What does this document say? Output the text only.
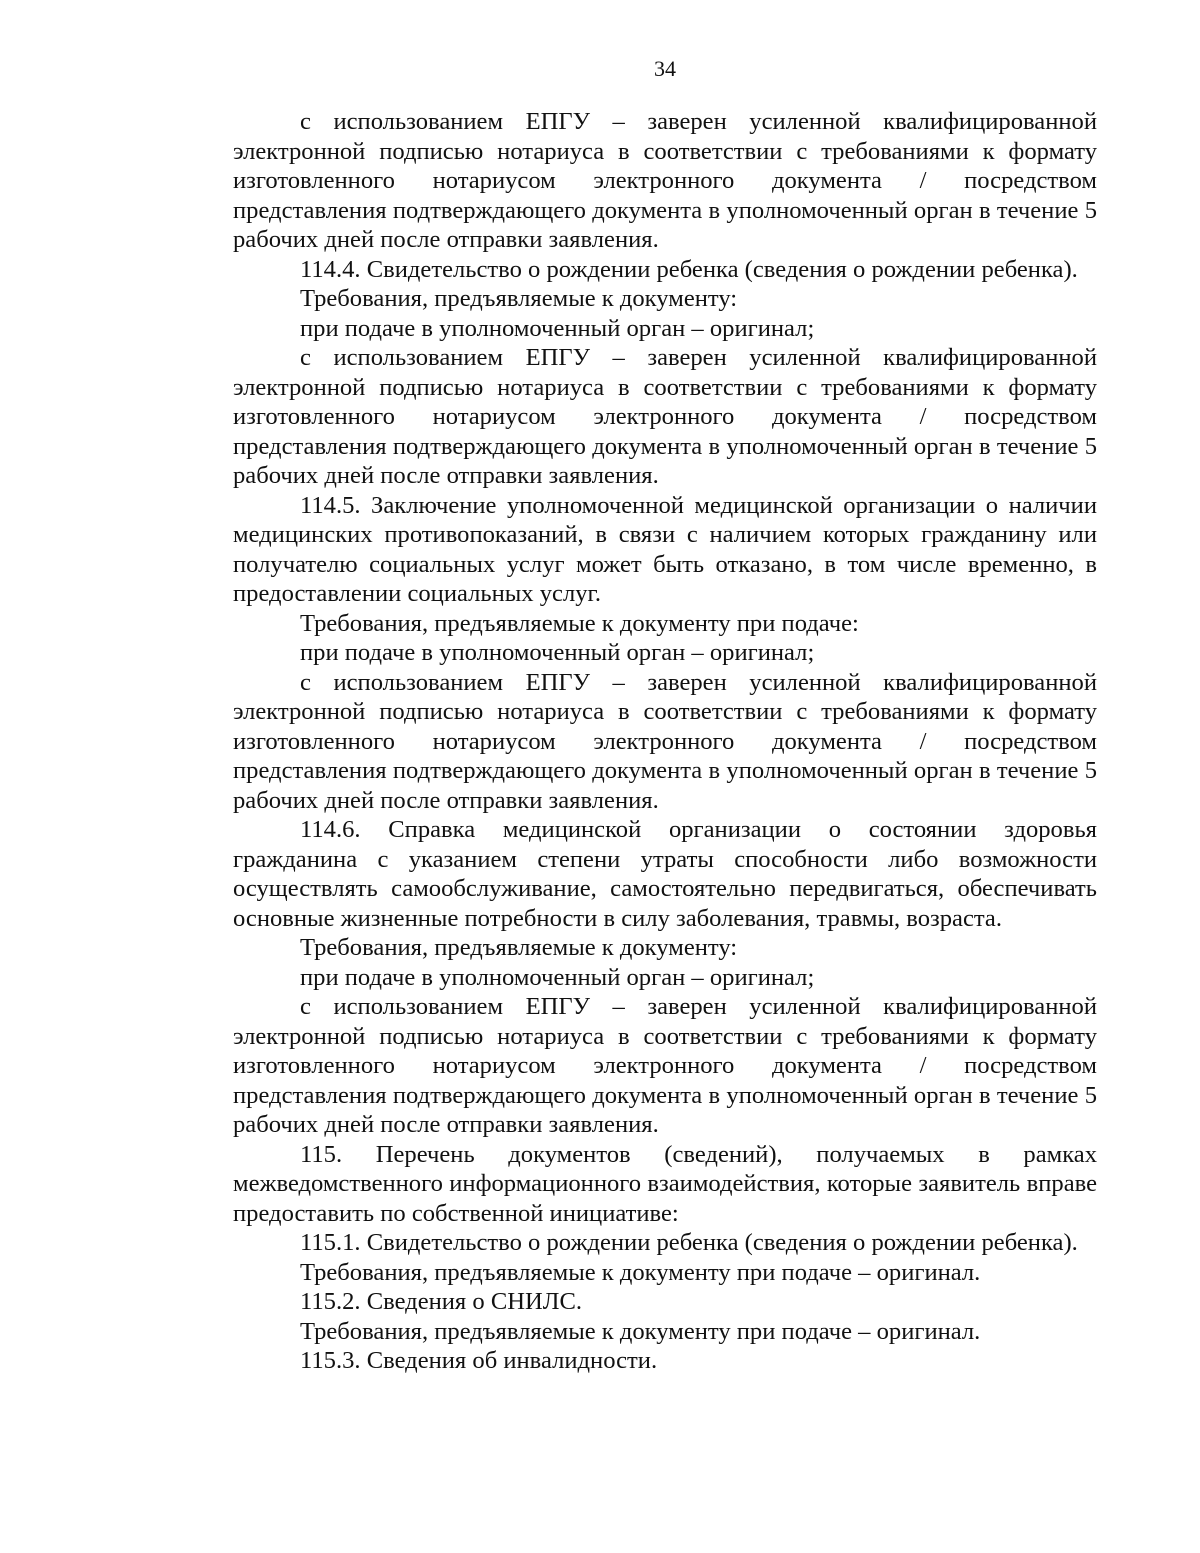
34

с использованием ЕПГУ – заверен усиленной квалифицированной электронной подписью нотариуса в соответствии с требованиями к формату изготовленного нотариусом электронного документа / посредством представления подтверждающего документа в уполномоченный орган в течение 5 рабочих дней после отправки заявления.

114.4. Свидетельство о рождении ребенка (сведения о рождении ребенка).

Требования, предъявляемые к документу:

при подаче в уполномоченный орган – оригинал;

с использованием ЕПГУ – заверен усиленной квалифицированной электронной подписью нотариуса в соответствии с требованиями к формату изготовленного нотариусом электронного документа / посредством представления подтверждающего документа в уполномоченный орган в течение 5 рабочих дней после отправки заявления.

114.5. Заключение уполномоченной медицинской организации о наличии медицинских противопоказаний, в связи с наличием которых гражданину или получателю социальных услуг может быть отказано, в том числе временно, в предоставлении социальных услуг.

Требования, предъявляемые к документу при подаче:

при подаче в уполномоченный орган – оригинал;

с использованием ЕПГУ – заверен усиленной квалифицированной электронной подписью нотариуса в соответствии с требованиями к формату изготовленного нотариусом электронного документа / посредством представления подтверждающего документа в уполномоченный орган в течение 5 рабочих дней после отправки заявления.

114.6. Справка медицинской организации о состоянии здоровья гражданина с указанием степени утраты способности либо возможности осуществлять самообслуживание, самостоятельно передвигаться, обеспечивать основные жизненные потребности в силу заболевания, травмы, возраста.

Требования, предъявляемые к документу:

при подаче в уполномоченный орган – оригинал;

с использованием ЕПГУ – заверен усиленной квалифицированной электронной подписью нотариуса в соответствии с требованиями к формату изготовленного нотариусом электронного документа / посредством представления подтверждающего документа в уполномоченный орган в течение 5 рабочих дней после отправки заявления.

115. Перечень документов (сведений), получаемых в рамках межведомственного информационного взаимодействия, которые заявитель вправе предоставить по собственной инициативе:

115.1. Свидетельство о рождении ребенка (сведения о рождении ребенка).

Требования, предъявляемые к документу при подаче – оригинал.

115.2. Сведения о СНИЛС.

Требования, предъявляемые к документу при подаче – оригинал.

115.3. Сведения об инвалидности.
